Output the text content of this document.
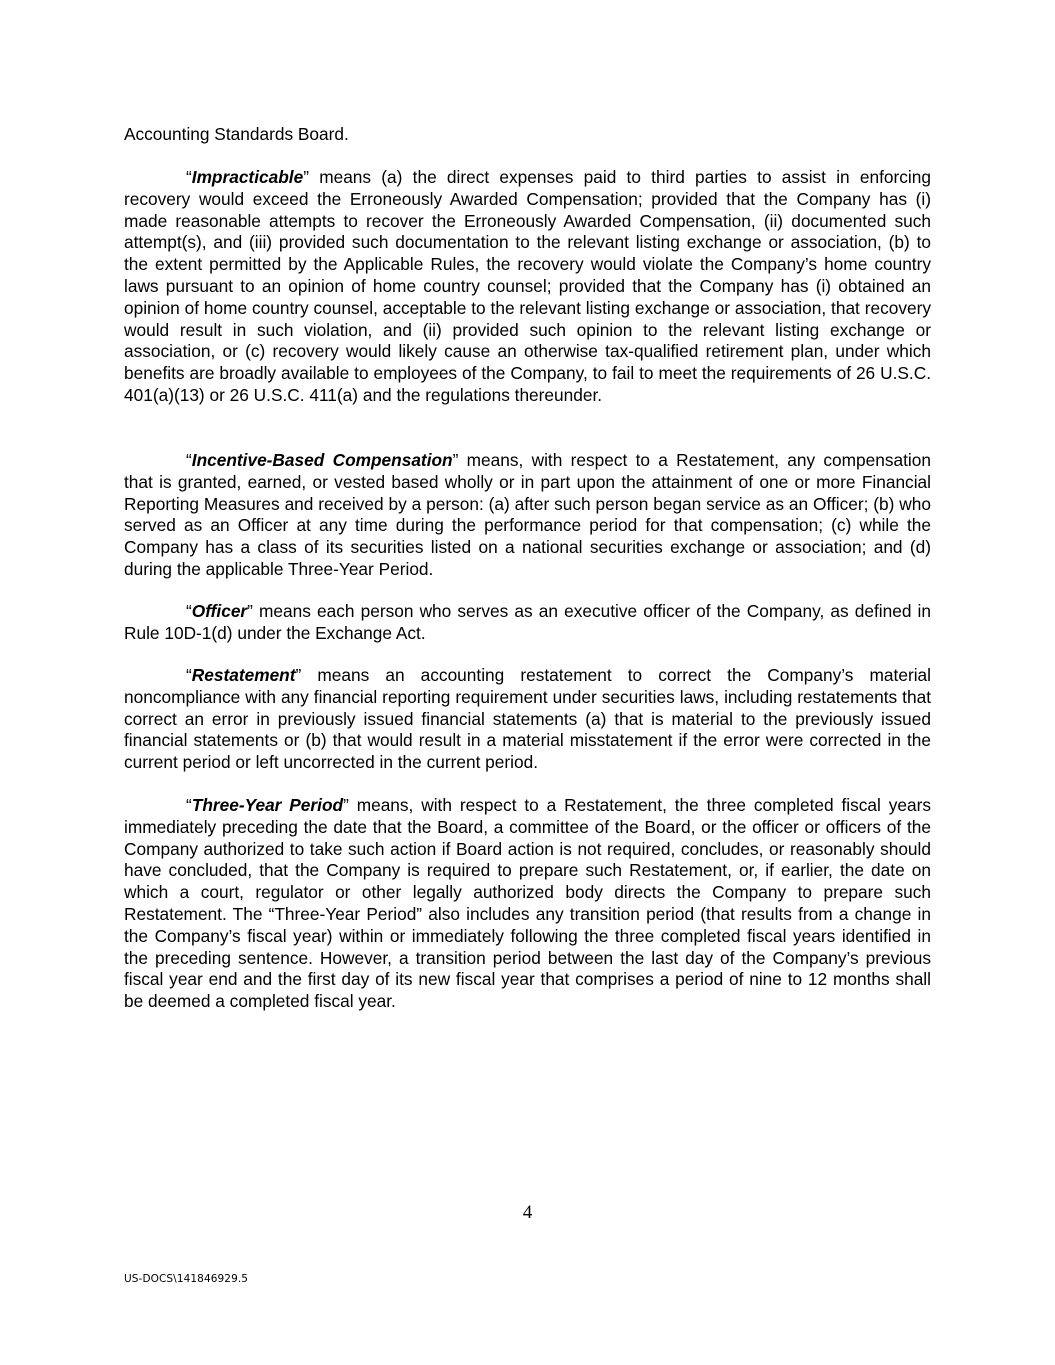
Accounting Standards Board.

“Impracticable” means (a) the direct expenses paid to third parties to assist in enforcing recovery would exceed the Erroneously Awarded Compensation; provided that the Company has (i) made reasonable attempts to recover the Erroneously Awarded Compensation, (ii) documented such attempt(s), and (iii) provided such documentation to the relevant listing exchange or association, (b) to the extent permitted by the Applicable Rules, the recovery would violate the Company’s home country laws pursuant to an opinion of home country counsel; provided that the Company has (i) obtained an opinion of home country counsel, acceptable to the relevant listing exchange or association, that recovery would result in such violation, and (ii) provided such opinion to the relevant listing exchange or association, or (c) recovery would likely cause an otherwise tax-qualified retirement plan, under which benefits are broadly available to employees of the Company, to fail to meet the requirements of 26 U.S.C. 401(a)(13) or 26 U.S.C. 411(a) and the regulations thereunder.

“Incentive-Based Compensation” means, with respect to a Restatement, any compensation that is granted, earned, or vested based wholly or in part upon the attainment of one or more Financial Reporting Measures and received by a person: (a) after such person began service as an Officer; (b) who served as an Officer at any time during the performance period for that compensation; (c) while the Company has a class of its securities listed on a national securities exchange or association; and (d) during the applicable Three-Year Period.

“Officer” means each person who serves as an executive officer of the Company, as defined in Rule 10D-1(d) under the Exchange Act.

“Restatement” means an accounting restatement to correct the Company’s material noncompliance with any financial reporting requirement under securities laws, including restatements that correct an error in previously issued financial statements (a) that is material to the previously issued financial statements or (b) that would result in a material misstatement if the error were corrected in the current period or left uncorrected in the current period.

“Three-Year Period” means, with respect to a Restatement, the three completed fiscal years immediately preceding the date that the Board, a committee of the Board, or the officer or officers of the Company authorized to take such action if Board action is not required, concludes, or reasonably should have concluded, that the Company is required to prepare such Restatement, or, if earlier, the date on which a court, regulator or other legally authorized body directs the Company to prepare such Restatement. The “Three-Year Period” also includes any transition period (that results from a change in the Company’s fiscal year) within or immediately following the three completed fiscal years identified in the preceding sentence. However, a transition period between the last day of the Company’s previous fiscal year end and the first day of its new fiscal year that comprises a period of nine to 12 months shall be deemed a completed fiscal year.

4
US-DOCS\141846929.5
